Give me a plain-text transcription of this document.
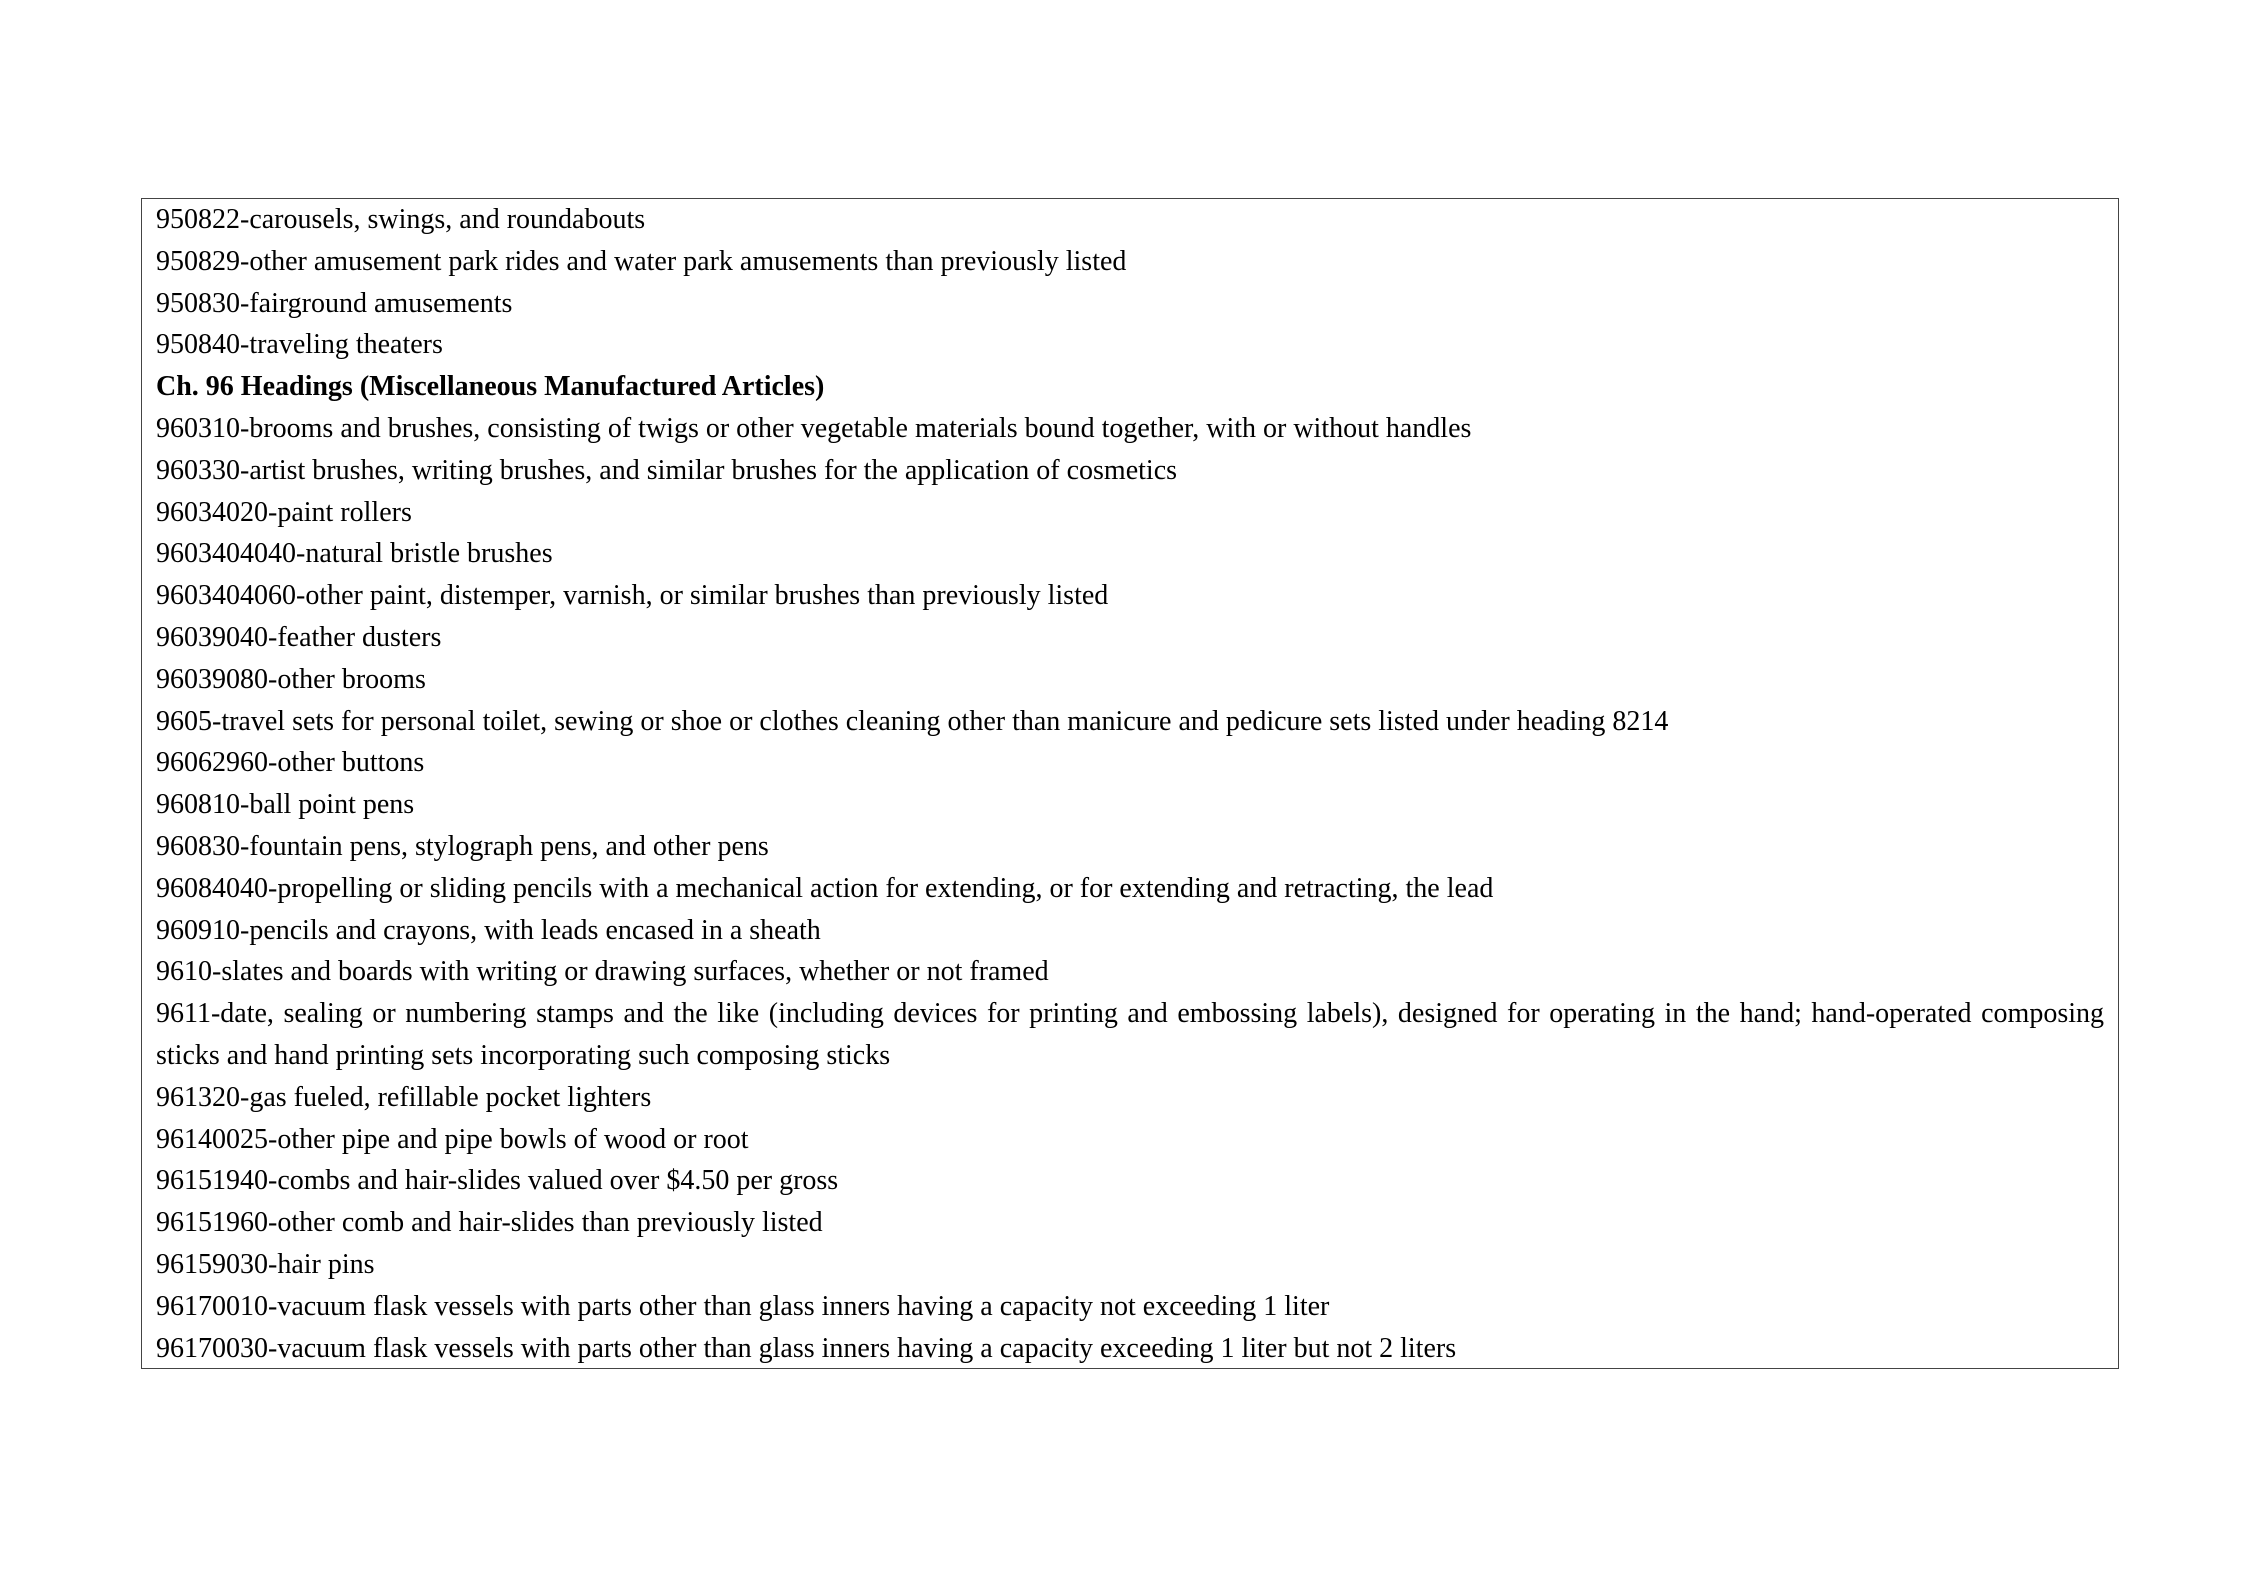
950822-carousels, swings, and roundabouts
950829-other amusement park rides and water park amusements than previously listed
950830-fairground amusements
950840-traveling theaters
Ch. 96 Headings (Miscellaneous Manufactured Articles)
960310-brooms and brushes, consisting of twigs or other vegetable materials bound together, with or without handles
960330-artist brushes, writing brushes, and similar brushes for the application of cosmetics
96034020-paint rollers
9603404040-natural bristle brushes
9603404060-other paint, distemper, varnish, or similar brushes than previously listed
96039040-feather dusters
96039080-other brooms
9605-travel sets for personal toilet, sewing or shoe or clothes cleaning other than manicure and pedicure sets listed under heading 8214
96062960-other buttons
960810-ball point pens
960830-fountain pens, stylograph pens, and other pens
96084040-propelling or sliding pencils with a mechanical action for extending, or for extending and retracting, the lead
960910-pencils and crayons, with leads encased in a sheath
9610-slates and boards with writing or drawing surfaces, whether or not framed
9611-date, sealing or numbering stamps and the like (including devices for printing and embossing labels), designed for operating in the hand; hand-operated composing sticks and hand printing sets incorporating such composing sticks
961320-gas fueled, refillable pocket lighters
96140025-other pipe and pipe bowls of wood or root
96151940-combs and hair-slides valued over $4.50 per gross
96151960-other comb and hair-slides than previously listed
96159030-hair pins
96170010-vacuum flask vessels with parts other than glass inners having a capacity not exceeding 1 liter
96170030-vacuum flask vessels with parts other than glass inners having a capacity exceeding 1 liter but not 2 liters
